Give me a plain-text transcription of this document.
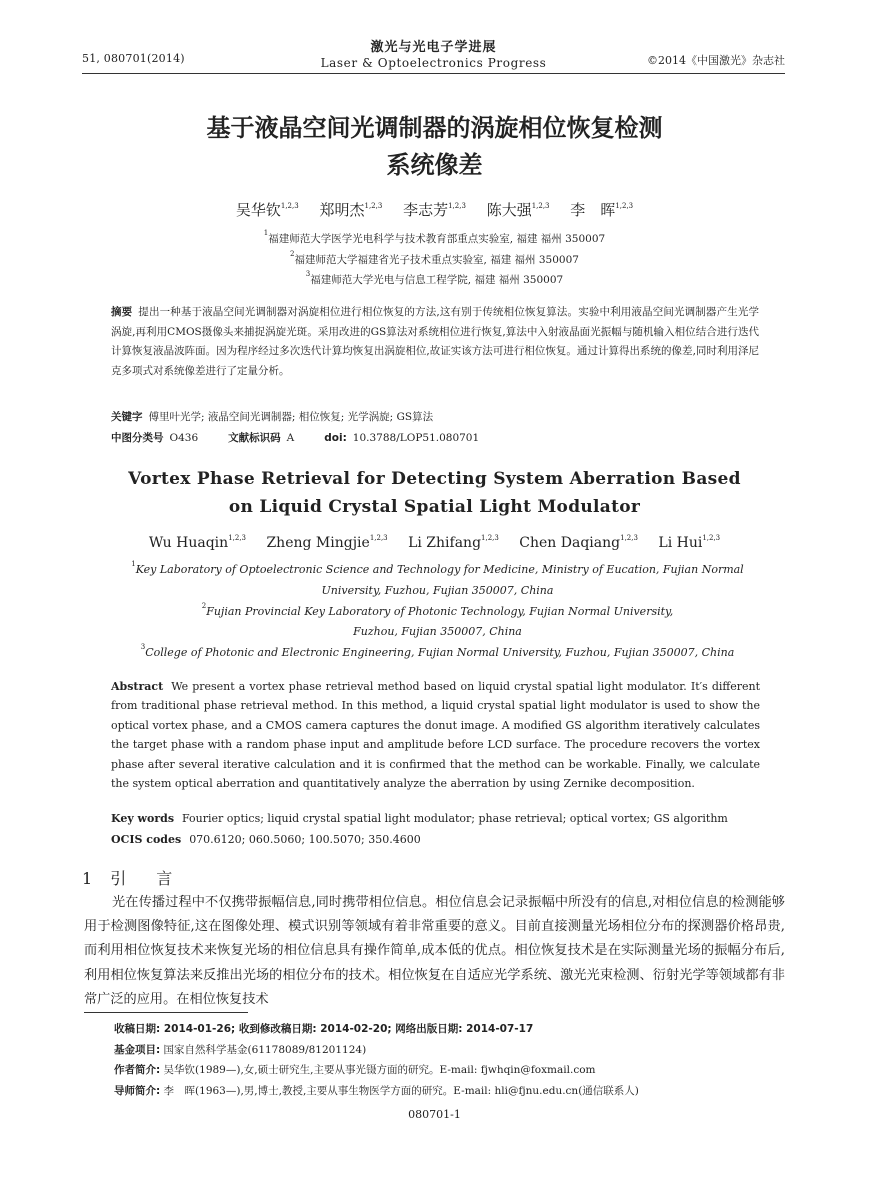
51, 080701(2014)
激光与光电子学进展
Laser & Optoelectronics Progress	©2014《中国激光》杂志社
基于液晶空间光调制器的涡旋相位恢复检测
系统像差
吴华钦$^{1,2,3}$ 郑明杰$^{1,2,3}$ 李志芳$^{1,2,3}$ 陈大强$^{1,2,3}$ 李　晖$^{1,2,3}$
$^1$福建师范大学医学光电科学与技术教育部重点实验室, 福建 福州 350007
$^2$福建师范大学福建省光子技术重点实验室, 福建 福州 350007
$^3$福建师范大学光电与信息工程学院, 福建 福州 350007
摘要 提出一种基于液晶空间光调制器对涡旋相位进行相位恢复的方法,这有别于传统相位恢复算法。实验中利用液晶空间光调制器产生光学涡旋,再利用CMOS摄像头来捕捉涡旋光斑。采用改进的GS算法对系统相位进行恢复,算法中入射液晶面光振幅与随机输入相位结合进行迭代计算恢复液晶波阵面。因为程序经过多次迭代计算均恢复出涡旋相位,故证实该方法可进行相位恢复。通过计算得出系统的像差,同时利用泽尼克多项式对系统像差进行了定量分析。
关键字 傅里叶光学; 液晶空间光调制器; 相位恢复; 光学涡旋; GS算法
中图分类号 O436	文献标识码 A	doi: 10.3788/LOP51.080701
Vortex Phase Retrieval for Detecting System Aberration Based
on Liquid Crystal Spatial Light Modulator
Wu Huaqin$^{1,2,3}$ Zheng Mingjie$^{1,2,3}$ Li Zhifang$^{1,2,3}$ Chen Daqiang$^{1,2,3}$ Li Hui$^{1,2,3}$
$^1$Key Laboratory of Optoelectronic Science and Technology for Medicine, Ministry of Eucation, Fujian Normal
University, Fuzhou, Fujian 350007, China
$^2$Fujian Provincial Key Laboratory of Photonic Technology, Fujian Normal University,
Fuzhou, Fujian 350007, China
$^3$College of Photonic and Electronic Engineering, Fujian Normal University, Fuzhou, Fujian 350007, China
Abstract We present a vortex phase retrieval method based on liquid crystal spatial light modulator. It′s different from traditional phase retrieval method. In this method, a liquid crystal spatial light modulator is used to show the optical vortex phase, and a CMOS camera captures the donut image. A modified GS algorithm iteratively calculates the target phase with a random phase input and amplitude before LCD surface. The procedure recovers the vortex phase after several iterative calculation and it is confirmed that the method can be workable. Finally, we calculate the system optical aberration and quantitatively analyze the aberration by using Zernike decomposition.
Key words Fourier optics; liquid crystal spatial light modulator; phase retrieval; optical vortex; GS algorithm
OCIS codes 070.6120; 060.5060; 100.5070; 350.4600
1 引 言
光在传播过程中不仅携带振幅信息,同时携带相位信息。相位信息会记录振幅中所没有的信息,对相位信息的检测能够用于检测图像特征,这在图像处理、模式识别等领域有着非常重要的意义。目前直接测量光场相位分布的探测器价格昂贵,而利用相位恢复技术来恢复光场的相位信息具有操作简单,成本低的优点。相位恢复技术是在实际测量光场的振幅分布后,利用相位恢复算法来反推出光场的相位分布的技术。相位恢复在自适应光学系统、激光光束检测、衍射光学等领域都有非常广泛的应用。在相位恢复技术
收稿日期: 2014-01-26; 收到修改稿日期: 2014-02-20; 网络出版日期: 2014-07-17
基金项目: 国家自然科学基金(61178089/81201124)
作者简介: 吴华钦(1989—),女,硕士研究生,主要从事光镊方面的研究。E-mail: fjwhqin@foxmail.com
导师简介: 李　晖(1963—),男,博士,教授,主要从事生物医学方面的研究。E-mail: hli@fjnu.edu.cn(通信联系人)
080701-1
